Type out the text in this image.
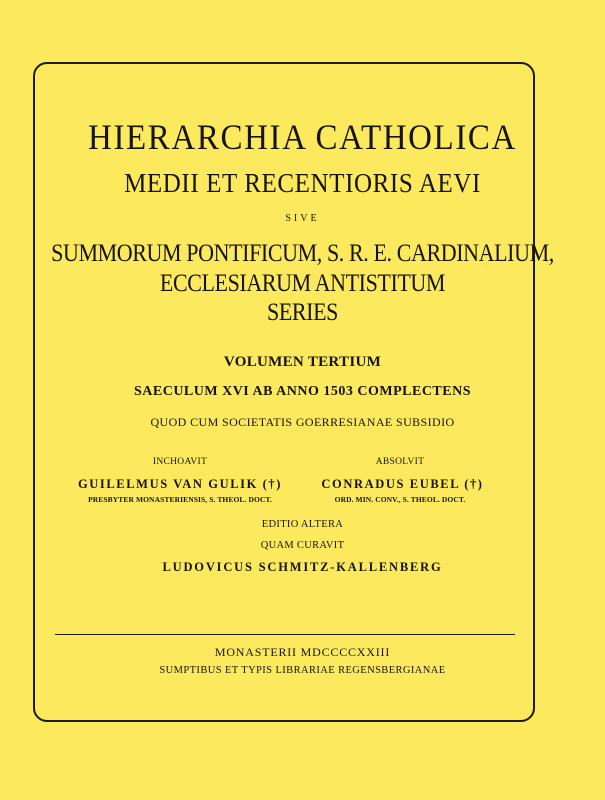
HIERARCHIA CATHOLICA
MEDII ET RECENTIORIS AEVI
SIVE
SUMMORUM PONTIFICUM, S. R. E. CARDINALIUM,
ECCLESIARUM ANTISTITUM
SERIES
VOLUMEN TERTIUM
SAECULUM XVI AB ANNO 1503 COMPLECTENS
QUOD CUM SOCIETATIS GOERRESIANAE SUBSIDIO
INCHOAVIT
GUILELMUS VAN GULIK (†)
PRESBYTER MONASTERIENSIS, S. THEOL. DOCT.
ABSOLVIT
CONRADUS EUBEL (†)
ORD. MIN. CONV., S. THEOL. DOCT.
EDITIO ALTERA
QUAM CURAVIT
LUDOVICUS SCHMITZ-KALLENBERG
MONASTERII MDCCCCXXIII
SUMPTIBUS ET TYPIS LIBRARIAE REGENSBERGIANAE
